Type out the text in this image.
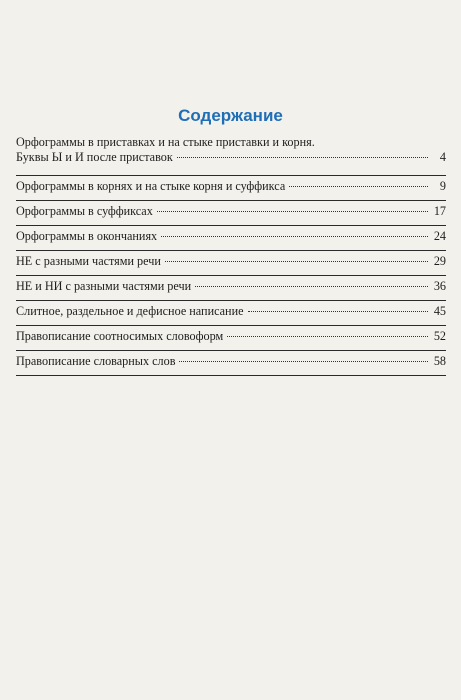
Содержание
Орфограммы в приставках и на стыке приставки и корня.
Буквы Ы и И после приставок	4
Орфограммы в корнях и на стыке корня и суффикса	9
Орфограммы в суффиксах	17
Орфограммы в окончаниях	24
НЕ с разными частями речи	29
НЕ и НИ с разными частями речи	36
Слитное, раздельное и дефисное написание	45
Правописание соотносимых словоформ	52
Правописание словарных слов	58
